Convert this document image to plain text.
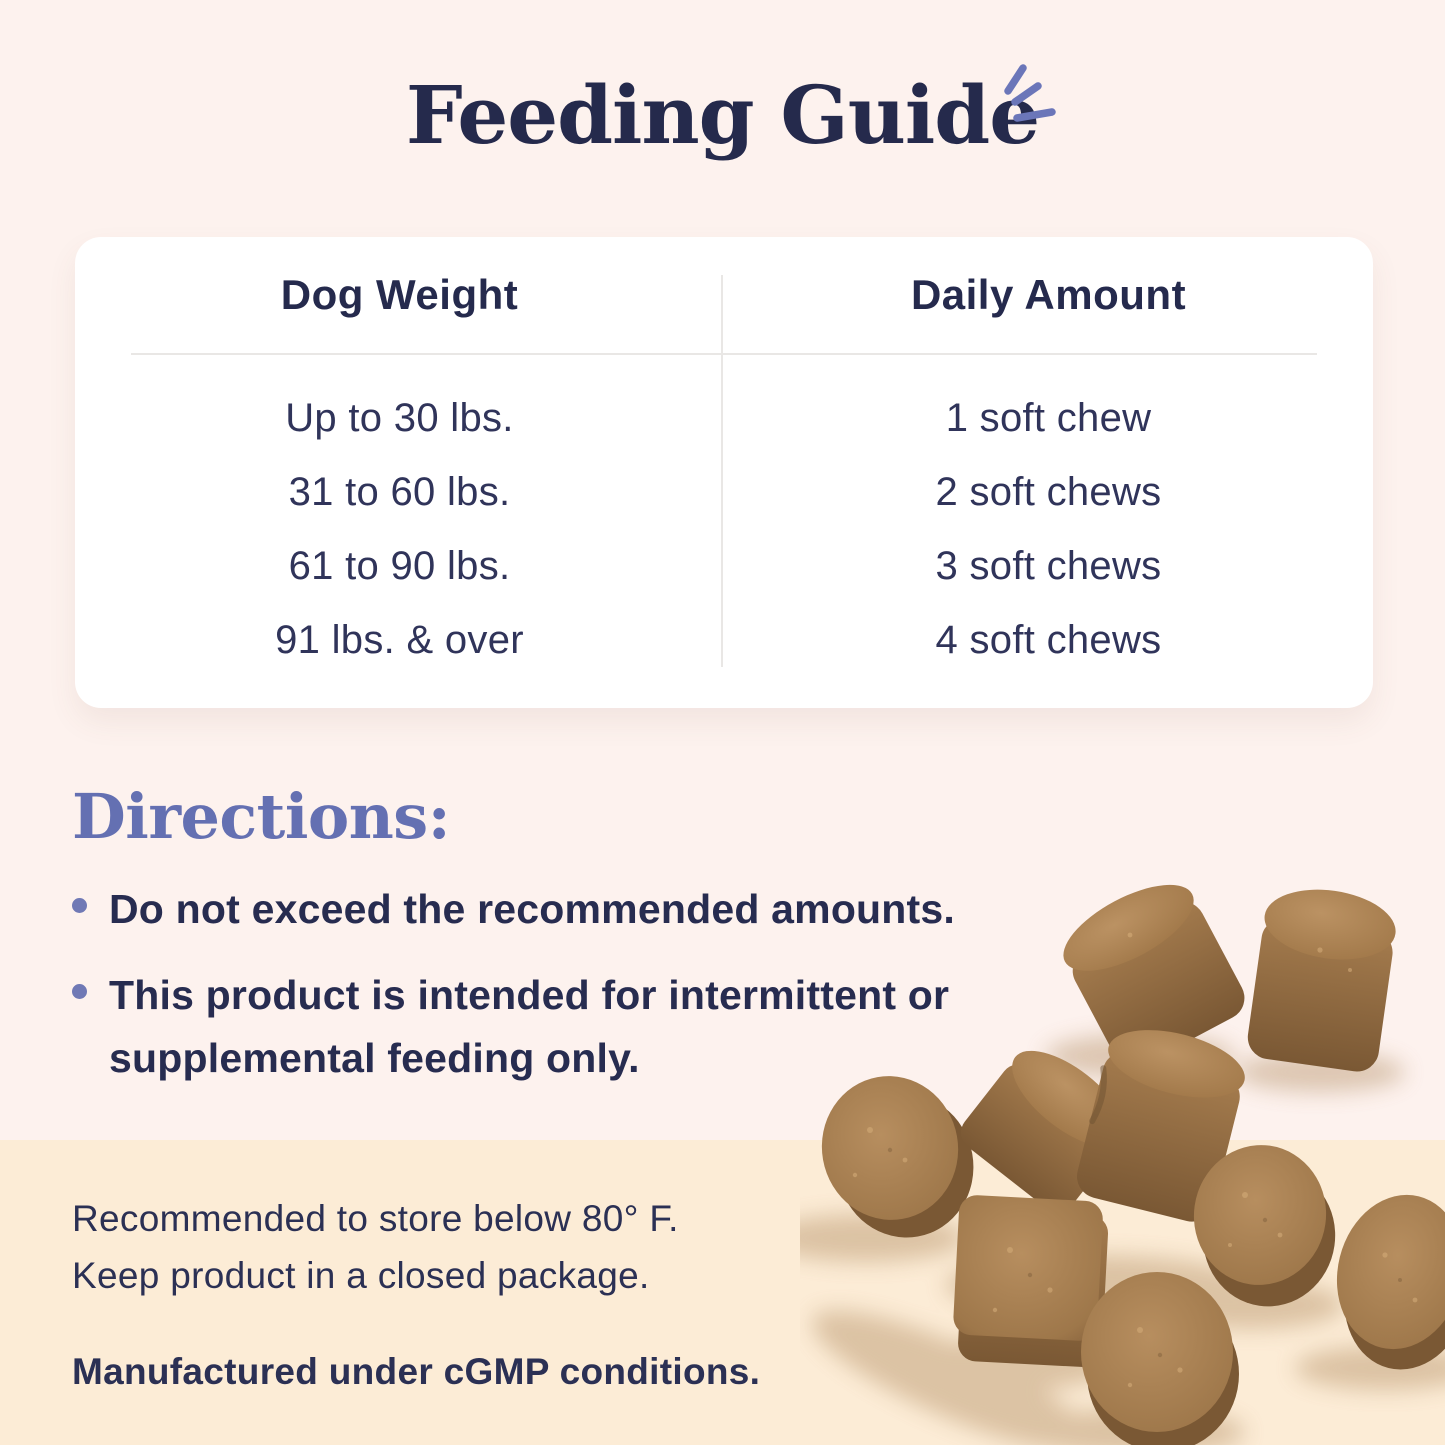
Feeding Guide
Dog Weight	Daily Amount
Up to 30 lbs.	1 soft chew
31 to 60 lbs.	2 soft chews
61 to 90 lbs.	3 soft chews
91 lbs. & over	4 soft chews
Directions:
Do not exceed the recommended amounts.
This product is intended for intermittent or supplemental feeding only.

Recommended to store below 80° F.

Keep product in a closed package.

Manufactured under cGMP conditions.
